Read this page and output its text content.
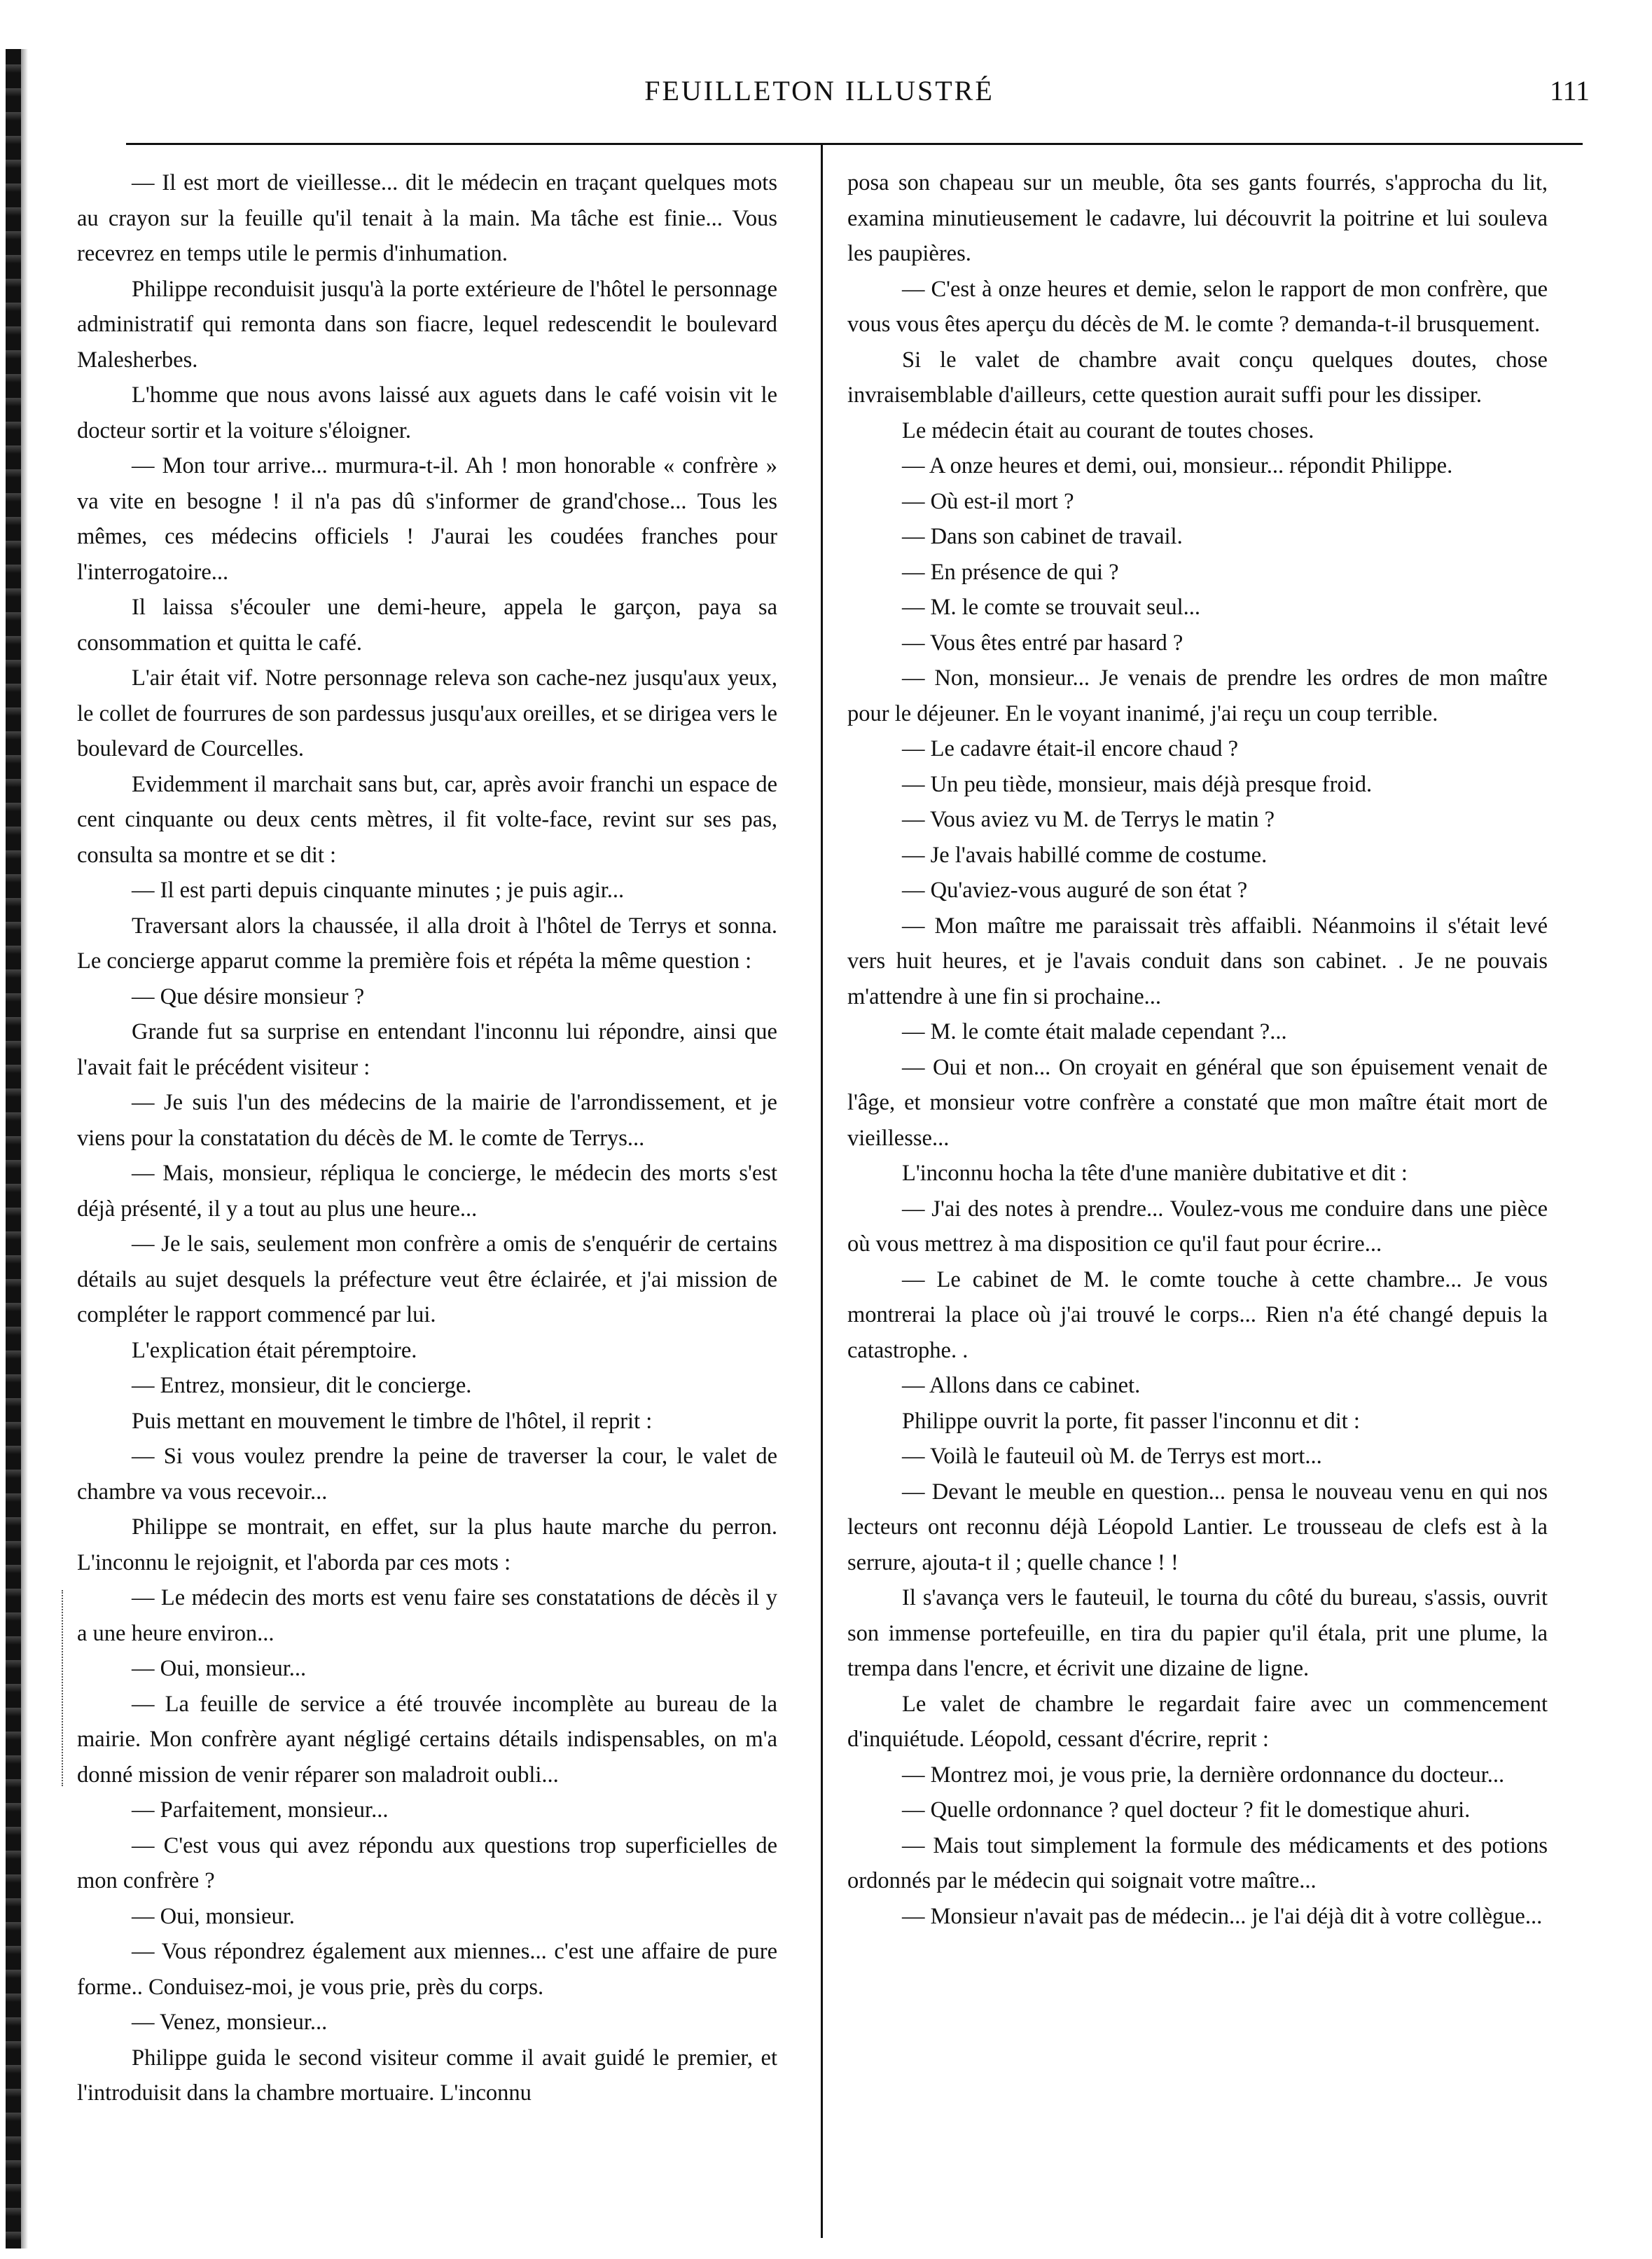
FEUILLETON ILLUSTRÉ	111

— Il est mort de vieillesse... dit le médecin en traçant quelques mots au crayon sur la feuille qu'il tenait à la main. Ma tâche est finie... Vous recevrez en temps utile le permis d'inhumation.

Philippe reconduisit jusqu'à la porte extérieure de l'hôtel le personnage administratif qui remonta dans son fiacre, lequel redescendit le boulevard Malesherbes.

L'homme que nous avons laissé aux aguets dans le café voisin vit le docteur sortir et la voiture s'éloigner.

— Mon tour arrive... murmura-t-il. Ah ! mon honorable « confrère » va vite en besogne ! il n'a pas dû s'informer de grand'chose... Tous les mêmes, ces médecins officiels ! J'aurai les coudées franches pour l'interrogatoire...

Il laissa s'écouler une demi-heure, appela le garçon, paya sa consommation et quitta le café.

L'air était vif. Notre personnage releva son cache-nez jusqu'aux yeux, le collet de fourrures de son pardessus jusqu'aux oreilles, et se dirigea vers le boulevard de Courcelles.

Evidemment il marchait sans but, car, après avoir franchi un espace de cent cinquante ou deux cents mètres, il fit volte-face, revint sur ses pas, consulta sa montre et se dit :

— Il est parti depuis cinquante minutes ; je puis agir...

Traversant alors la chaussée, il alla droit à l'hôtel de Terrys et sonna. Le concierge apparut comme la première fois et répéta la même question :

— Que désire monsieur ?

Grande fut sa surprise en entendant l'inconnu lui répondre, ainsi que l'avait fait le précédent visiteur :

— Je suis l'un des médecins de la mairie de l'arrondissement, et je viens pour la constatation du décès de M. le comte de Terrys...

— Mais, monsieur, répliqua le concierge, le médecin des morts s'est déjà présenté, il y a tout au plus une heure...

— Je le sais, seulement mon confrère a omis de s'enquérir de certains détails au sujet desquels la préfecture veut être éclairée, et j'ai mission de compléter le rapport commencé par lui.

L'explication était péremptoire.

— Entrez, monsieur, dit le concierge.

Puis mettant en mouvement le timbre de l'hôtel, il reprit :

— Si vous voulez prendre la peine de traverser la cour, le valet de chambre va vous recevoir...

Philippe se montrait, en effet, sur la plus haute marche du perron. L'inconnu le rejoignit, et l'aborda par ces mots :

— Le médecin des morts est venu faire ses constatations de décès il y a une heure environ...

— Oui, monsieur...

— La feuille de service a été trouvée incomplète au bureau de la mairie. Mon confrère ayant négligé certains détails indispensables, on m'a donné mission de venir réparer son maladroit oubli...

— Parfaitement, monsieur...

— C'est vous qui avez répondu aux questions trop superficielles de mon confrère ?

— Oui, monsieur.

— Vous répondrez également aux miennes... c'est une affaire de pure forme.. Conduisez-moi, je vous prie, près du corps.

— Venez, monsieur...

Philippe guida le second visiteur comme il avait guidé le premier, et l'introduisit dans la chambre mortuaire. L'inconnu

posa son chapeau sur un meuble, ôta ses gants fourrés, s'approcha du lit, examina minutieusement le cadavre, lui découvrit la poitrine et lui souleva les paupières.

— C'est à onze heures et demie, selon le rapport de mon confrère, que vous vous êtes aperçu du décès de M. le comte ? demanda-t-il brusquement.

Si le valet de chambre avait conçu quelques doutes, chose invraisemblable d'ailleurs, cette question aurait suffi pour les dissiper.

Le médecin était au courant de toutes choses.

— A onze heures et demi, oui, monsieur... répondit Philippe.

— Où est-il mort ?

— Dans son cabinet de travail.

— En présence de qui ?

— M. le comte se trouvait seul...

— Vous êtes entré par hasard ?

— Non, monsieur... Je venais de prendre les ordres de mon maître pour le déjeuner. En le voyant inanimé, j'ai reçu un coup terrible.

— Le cadavre était-il encore chaud ?

— Un peu tiède, monsieur, mais déjà presque froid.

— Vous aviez vu M. de Terrys le matin ?

— Je l'avais habillé comme de costume.

— Qu'aviez-vous auguré de son état ?

— Mon maître me paraissait très affaibli. Néanmoins il s'était levé vers huit heures, et je l'avais conduit dans son cabinet. . Je ne pouvais m'attendre à une fin si prochaine...

— M. le comte était malade cependant ?...

— Oui et non... On croyait en général que son épuisement venait de l'âge, et monsieur votre confrère a constaté que mon maître était mort de vieillesse...

L'inconnu hocha la tête d'une manière dubitative et dit :

— J'ai des notes à prendre... Voulez-vous me conduire dans une pièce où vous mettrez à ma disposition ce qu'il faut pour écrire...

— Le cabinet de M. le comte touche à cette chambre... Je vous montrerai la place où j'ai trouvé le corps... Rien n'a été changé depuis la catastrophe. .

— Allons dans ce cabinet.

Philippe ouvrit la porte, fit passer l'inconnu et dit :

— Voilà le fauteuil où M. de Terrys est mort...

— Devant le meuble en question... pensa le nouveau venu en qui nos lecteurs ont reconnu déjà Léopold Lantier. Le trousseau de clefs est à la serrure, ajouta-t il ; quelle chance ! !

Il s'avança vers le fauteuil, le tourna du côté du bureau, s'assis, ouvrit son immense portefeuille, en tira du papier qu'il étala, prit une plume, la trempa dans l'encre, et écrivit une dizaine de ligne.

Le valet de chambre le regardait faire avec un commencement d'inquiétude. Léopold, cessant d'écrire, reprit :

— Montrez moi, je vous prie, la dernière ordonnance du docteur...

— Quelle ordonnance ? quel docteur ? fit le domestique ahuri.

— Mais tout simplement la formule des médicaments et des potions ordonnés par le médecin qui soignait votre maître...

— Monsieur n'avait pas de médecin... je l'ai déjà dit à votre collègue...
